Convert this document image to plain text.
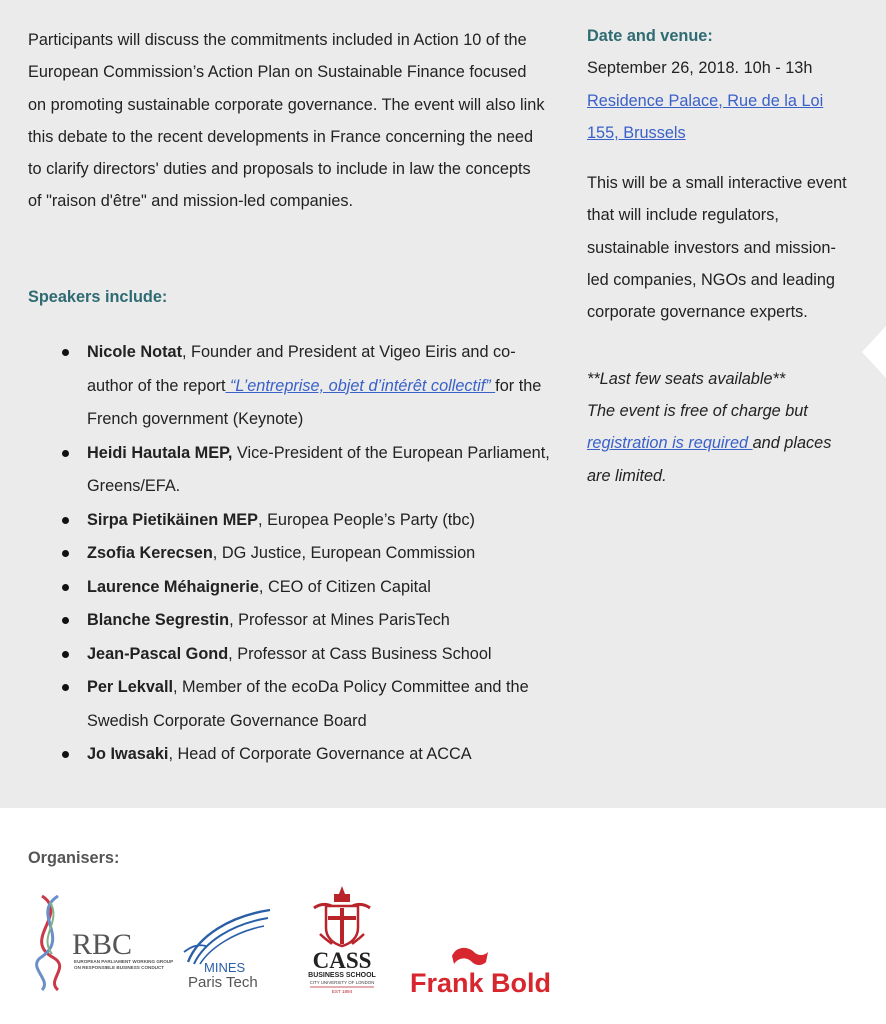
Participants will discuss the commitments included in Action 10 of the European Commission’s Action Plan on Sustainable Finance focused on promoting sustainable corporate governance. The event will also link this debate to the recent developments in France concerning the need to clarify directors' duties and proposals to include in law the concepts of "raison d'être" and mission-led companies.

Speakers include:

Nicole Notat, Founder and President at Vigeo Eiris and co-author of the report “L’entreprise, objet d’intérêt collectif” for the French government (Keynote)
Heidi Hautala MEP, Vice-President of the European Parliament, Greens/EFA.
Sirpa Pietikäinen MEP, Europea People’s Party (tbc)
Zsofia Kerecsen, DG Justice, European Commission
Laurence Méhaignerie, CEO of Citizen Capital
Blanche Segrestin, Professor at Mines ParisTech
Jean-Pascal Gond, Professor at Cass Business School
Per Lekvall, Member of the ecoDa Policy Committee and the Swedish Corporate Governance Board
Jo Iwasaki, Head of Corporate Governance at ACCA

Date and venue:

September 26, 2018. 10h - 13h

Residence Palace, Rue de la Loi 155, Brussels

This will be a small interactive event that will include regulators, sustainable investors and mission-led companies, NGOs and leading corporate governance experts.

**Last few seats available**

The event is free of charge but

registration is required and places are limited.

Organisers:

RBC
EUROPEAN PARLIAMENT WORKING GROUP
ON RESPONSIBLE BUSINESS CONDUCT	MINES
Paris Tech
CASS
BUSINESS SCHOOL
CITY UNIVERSITY OF LONDON
EST 1894 Frank Bold
